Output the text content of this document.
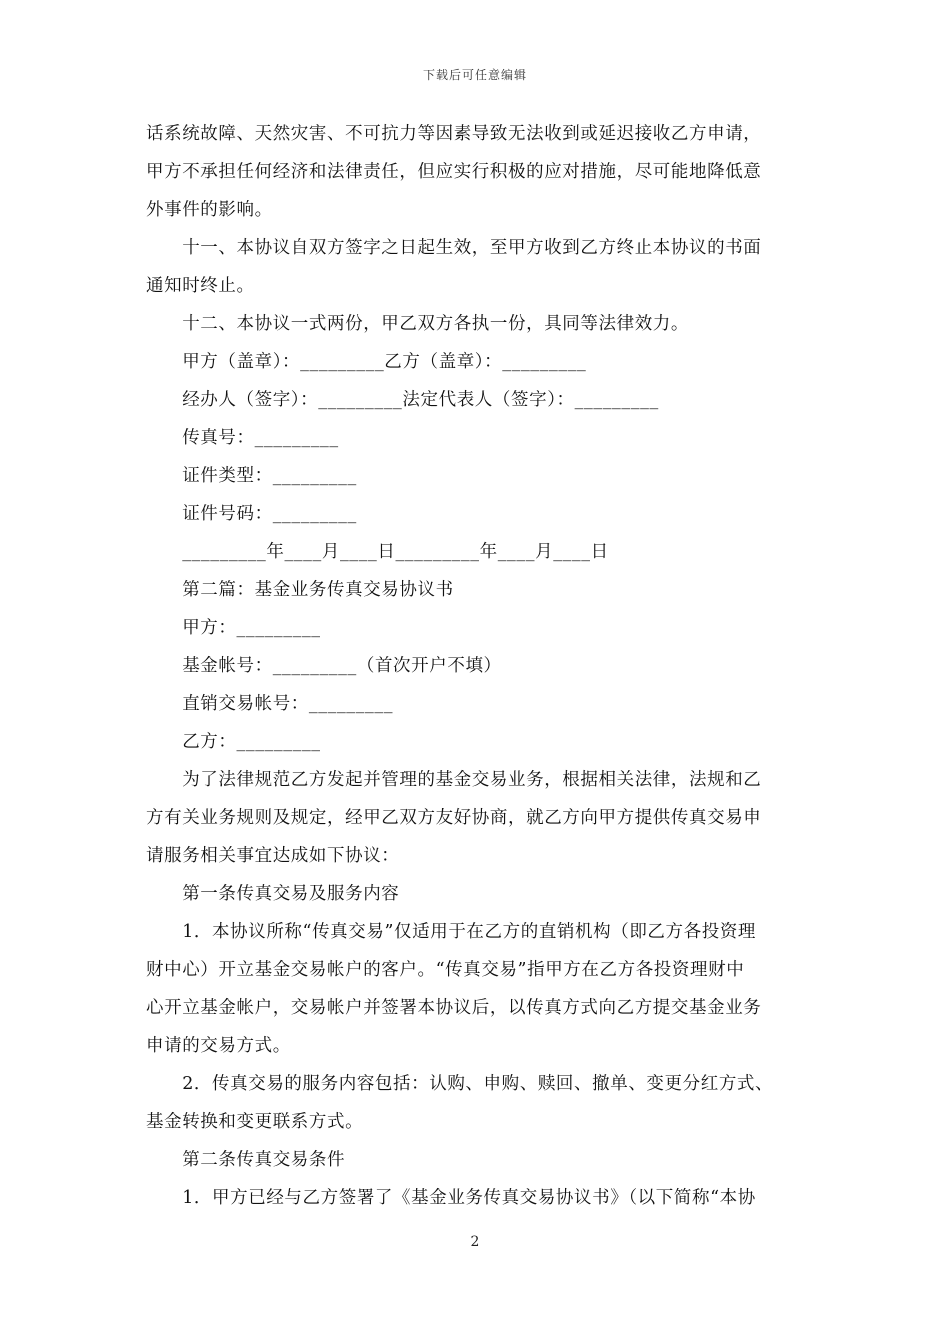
下载后可任意编辑
话系统故障、天然灾害、不可抗力等因素导致无法收到或延迟接收乙方申请，
甲方不承担任何经济和法律责任，但应实行积极的应对措施，尽可能地降低意
外事件的影响。
　　十一、本协议自双方签字之日起生效，至甲方收到乙方终止本协议的书面
通知时终止。
　　十二、本协议一式两份，甲乙双方各执一份，具同等法律效力。
　　甲方（盖章）：_________乙方（盖章）：_________
　　经办人（签字）：_________法定代表人（签字）：_________
　　传真号：_________
　　证件类型：_________
　　证件号码：_________
　　_________年____月____日_________年____月____日
　　第二篇：基金业务传真交易协议书
　　甲方：_________
　　基金帐号：_________（首次开户不填）
　　直销交易帐号：_________
　　乙方：_________
　　为了法律规范乙方发起并管理的基金交易业务，根据相关法律，法规和乙
方有关业务规则及规定，经甲乙双方友好协商，就乙方向甲方提供传真交易申
请服务相关事宜达成如下协议：
　　第一条传真交易及服务内容
　　1．本协议所称“传真交易”仅适用于在乙方的直销机构（即乙方各投资理
财中心）开立基金交易帐户的客户。“传真交易”指甲方在乙方各投资理财中
心开立基金帐户，交易帐户并签署本协议后，以传真方式向乙方提交基金业务
申请的交易方式。
　　2．传真交易的服务内容包括：认购、申购、赎回、撤单、变更分红方式、
基金转换和变更联系方式。
　　第二条传真交易条件
　　1．甲方已经与乙方签署了《基金业务传真交易协议书》（以下简称“本协
2
